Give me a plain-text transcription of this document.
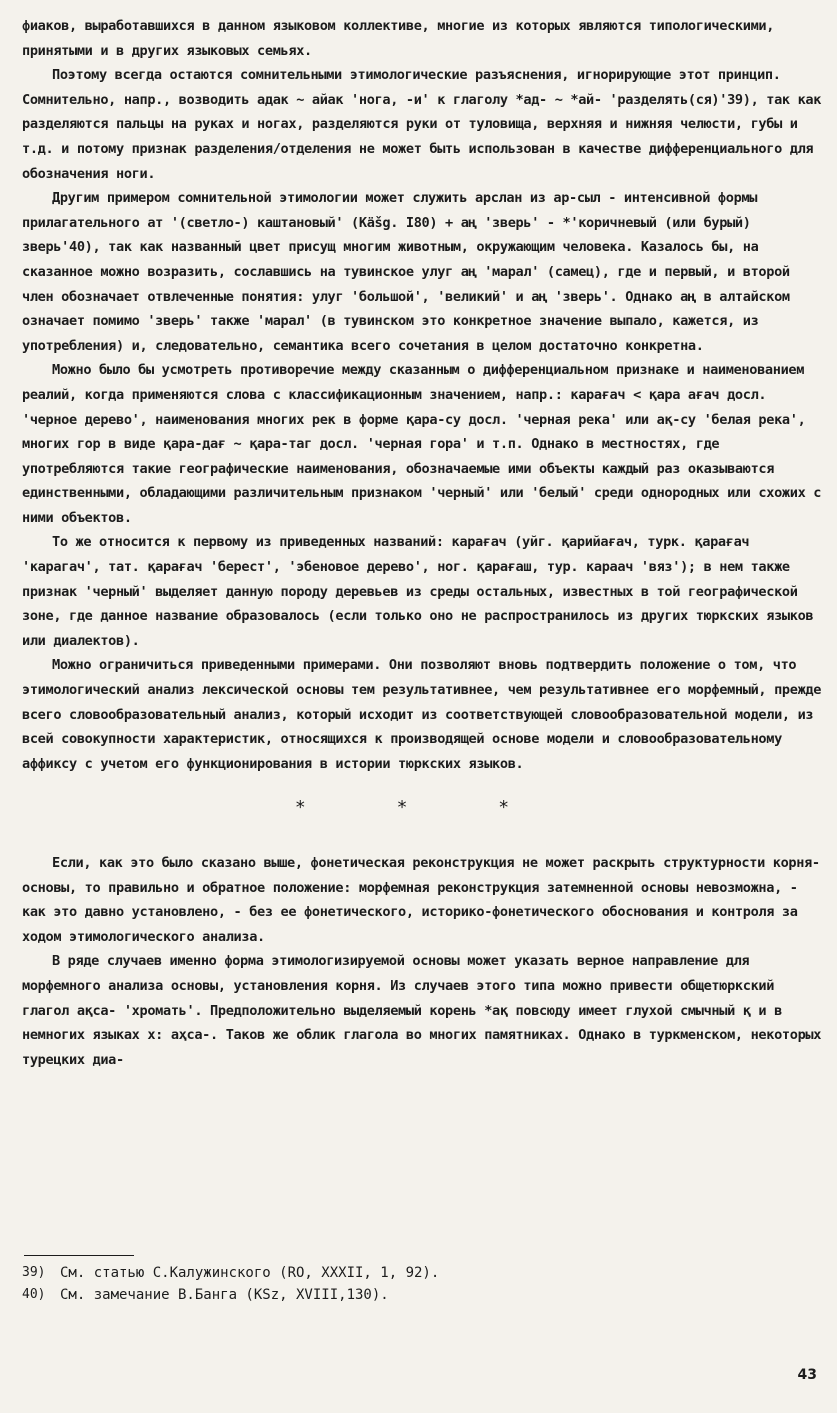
фиаков, выработавшихся в данном языковом коллективе, многие из которых являются типологическими, принятыми и в других языковых семьях.

Поэтому всегда остаются сомнительными этимологические разъяснения, игнорирующие этот принцип. Сомнительно, напр., возводить адак ~ айак 'нога, -и' к глаголу *ад- ~ *ай- 'разделять(ся)'39), так как разделяются пальцы на руках и ногах, разделяются руки от туловища, верхняя и нижняя челюсти, губы и т.д. и потому признак разделения/отделения не может быть использован в качестве дифференциального для обозначения ноги.

Другим примером сомнительной этимологии может служить арслан из ар-сыл - интенсивной формы прилагательного ат '(светло-) каштановый' (Käšg. I80) + аң 'зверь' - *'коричневый (или бурый) зверь'40), так как названный цвет присущ многим животным, окружающим человека. Казалось бы, на сказанное можно возразить, сославшись на тувинское улуг аң 'марал' (самец), где и первый, и второй член обозначает отвлеченные понятия: улуг 'большой', 'великий' и аң 'зверь'. Однако аң в алтайском означает помимо 'зверь' также 'марал' (в тувинском это конкретное значение выпало, кажется, из употребления) и, следовательно, семантика всего сочетания в целом достаточно конкретна.

Можно было бы усмотреть противоречие между сказанным о дифференциальном признаке и наименованием реалий, когда применяются слова с классификационным значением, напр.: карағач < қара ағач досл. 'черное дерево', наименования многих рек в форме қара-су досл. 'черная река' или ақ-су 'белая река', многих гор в виде қара-дағ ~ қара-таг досл. 'черная гора' и т.п. Однако в местностях, где употребляются такие географические наименования, обозначаемые ими объекты каждый раз оказываются единственными, обладающими различительным признаком 'черный' или 'белый' среди однородных или схожих с ними объектов.

То же относится к первому из приведенных названий: карағач (уйг. қарийағач, турк. қарағач 'карагач', тат. қарағач 'берест', 'эбеновое дерево', ног. қарағаш, тур. караач 'вяз'); в нем также признак 'черный' выделяет данную породу деревьев из среды остальных, известных в той географической зоне, где данное название образовалось (если только оно не распространилось из других тюркских языков или диалектов).

Можно ограничиться приведенными примерами. Они позволяют вновь подтвердить положение о том, что этимологический анализ лексической основы тем результативнее, чем результативнее его морфемный, прежде всего словообразовательный анализ, который исходит из соответствующей словообразовательной модели, из всей совокупности характеристик, относящихся к производящей основе модели и словообразовательному аффиксу с учетом его функционирования в истории тюркских языков.

* * *

Если, как это было сказано выше, фонетическая реконструкция не может раскрыть структурности корня-основы, то правильно и обратное положение: морфемная реконструкция затемненной основы невозможна, - как это давно установлено, - без ее фонетического, историко-фонетического обоснования и контроля за ходом этимологического анализа.

В ряде случаев именно форма этимологизируемой основы может указать верное направление для морфемного анализа основы, установления корня. Из случаев этого типа можно привести общетюркский глагол ақса- 'хромать'. Предположительно выделяемый корень *ақ повсюду имеет глухой смычный қ и в немногих языках х: аҳса-. Таков же облик глагола во многих памятниках. Однако в туркменском, некоторых турецких диа-

39) См. статью С.Калужинского (RO, XXXII, 1, 92).
40) См. замечание В.Банга (KSz, XVIII,130).
43
